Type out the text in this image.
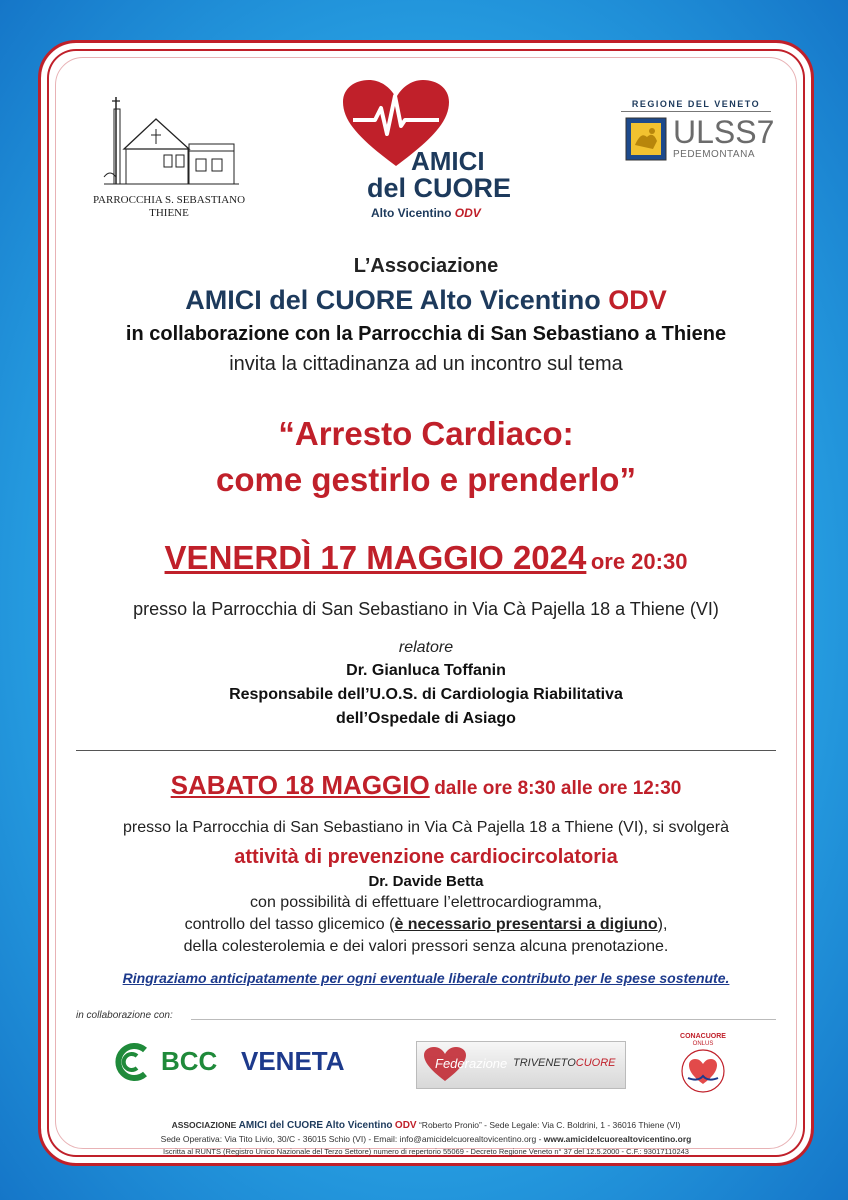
PARROCCHIA S. SEBASTIANO
THIENE
AMICI
del CUORE
Alto Vicentino ODV
REGIONE DEL VENETO
ULSS7
PEDEMONTANA
L’Associazione
AMICI del CUORE Alto Vicentino ODV
in collaborazione con la Parrocchia di San Sebastiano a Thiene
invita la cittadinanza ad un incontro sul tema
“Arresto Cardiaco:
come gestirlo e prenderlo”
VENERDÌ 17 MAGGIO 2024 ore 20:30
presso la Parrocchia di San Sebastiano in Via Cà Pajella 18 a Thiene (VI)
relatore
Dr. Gianluca Toffanin
Responsabile dell’U.O.S. di Cardiologia Riabilitativa
dell’Ospedale di Asiago
SABATO 18 MAGGIO dalle ore 8:30 alle ore 12:30
presso la Parrocchia di San Sebastiano in Via Cà Pajella 18 a Thiene (VI), si svolgerà
attività di prevenzione cardiocircolatoria
Dr. Davide Betta
con possibilità di effettuare l’elettrocardiogramma,
controllo del tasso glicemico (è necessario presentarsi a digiuno),
della colesterolemia e dei valori pressori senza alcuna prenotazione.
Ringraziamo anticipatamente per ogni eventuale liberale contributo per le spese sostenute.
in collaborazione con:
BCC VENETA	Federazione TRIVENETOCUORE
CONACUORE
ONLUS
ASSOCIAZIONE AMICI del CUORE Alto Vicentino ODV “Roberto Pronio” - Sede Legale: Via C. Boldrini, 1 - 36016 Thiene (VI)
Sede Operativa: Via Tito Livio, 30/C - 36015 Schio (VI) - Email: info@amicidelcuorealtovicentino.org - www.amicidelcuorealtovicentino.org
Iscritta al RUNTS (Registro Unico Nazionale del Terzo Settore) numero di repertorio 55069 - Decreto Regione Veneto n° 37 del 12.5.2000 - C.F.: 93017110243
